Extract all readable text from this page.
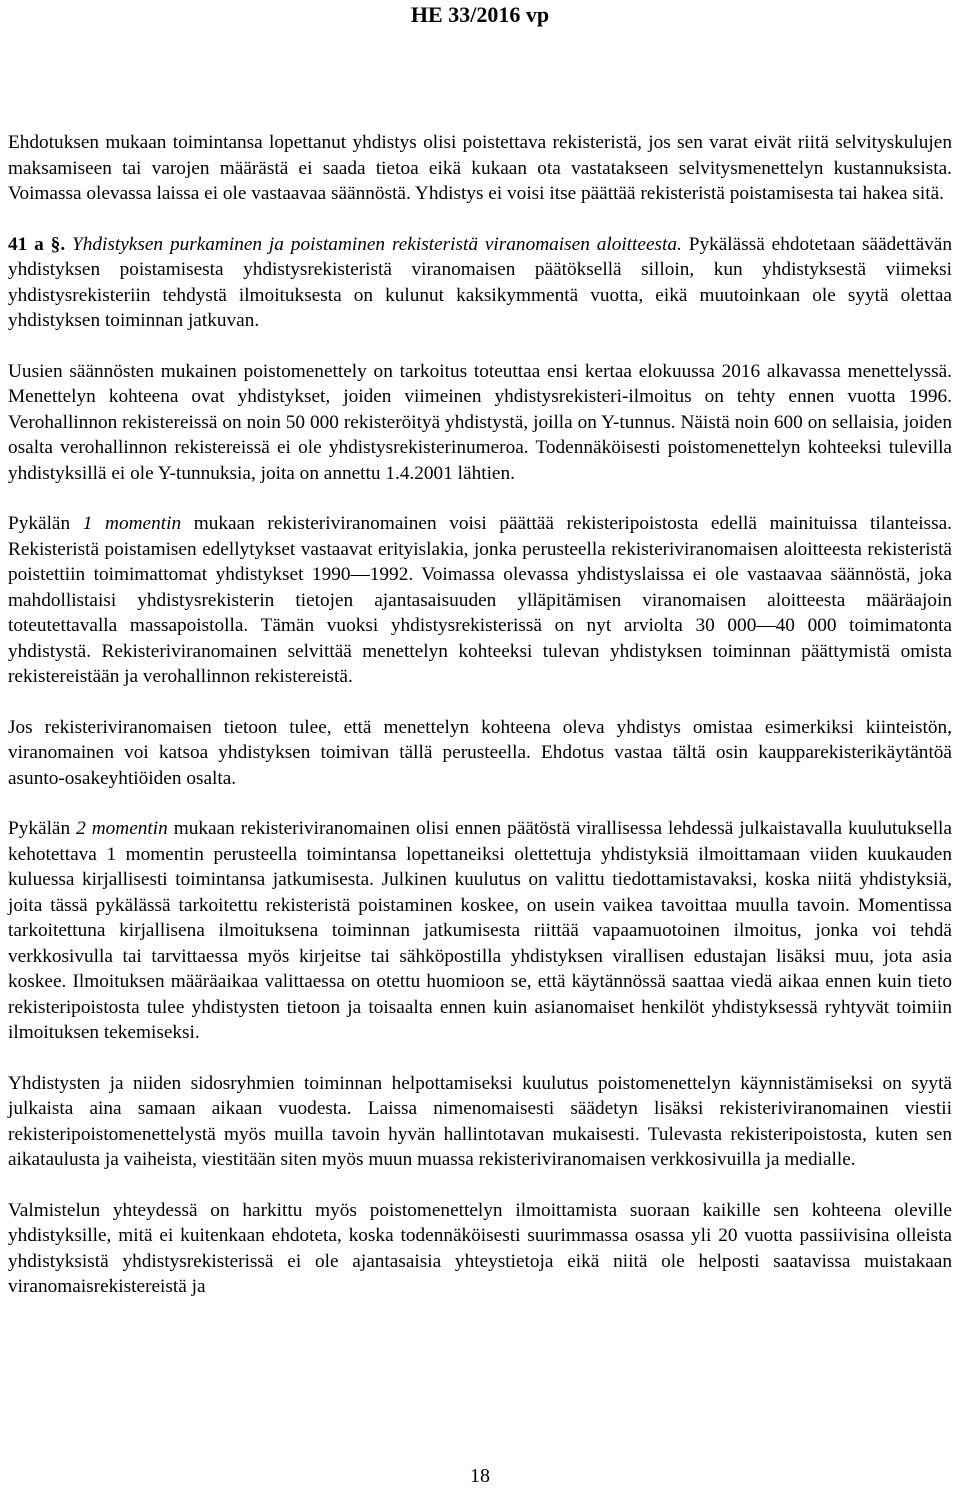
HE 33/2016 vp

Ehdotuksen mukaan toimintansa lopettanut yhdistys olisi poistettava rekisteristä, jos sen varat eivät riitä selvityskulujen maksamiseen tai varojen määrästä ei saada tietoa eikä kukaan ota vastatakseen selvitysmenettelyn kustannuksista. Voimassa olevassa laissa ei ole vastaavaa säännöstä. Yhdistys ei voisi itse päättää rekisteristä poistamisesta tai hakea sitä.

41 a §. Yhdistyksen purkaminen ja poistaminen rekisteristä viranomaisen aloitteesta. Pykälässä ehdotetaan säädettävän yhdistyksen poistamisesta yhdistysrekisteristä viranomaisen päätöksellä silloin, kun yhdistyksestä viimeksi yhdistysrekisteriin tehdystä ilmoituksesta on kulunut kaksikymmentä vuotta, eikä muutoinkaan ole syytä olettaa yhdistyksen toiminnan jatkuvan.

Uusien säännösten mukainen poistomenettely on tarkoitus toteuttaa ensi kertaa elokuussa 2016 alkavassa menettelyssä. Menettelyn kohteena ovat yhdistykset, joiden viimeinen yhdistysrekisteri-ilmoitus on tehty ennen vuotta 1996. Verohallinnon rekistereissä on noin 50 000 rekisteröityä yhdistystä, joilla on Y-tunnus. Näistä noin 600 on sellaisia, joiden osalta verohallinnon rekistereissä ei ole yhdistysrekisterinumeroa. Todennäköisesti poistomenettelyn kohteeksi tulevilla yhdistyksillä ei ole Y-tunnuksia, joita on annettu 1.4.2001 lähtien.

Pykälän 1 momentin mukaan rekisteriviranomainen voisi päättää rekisteripoistosta edellä mainituissa tilanteissa. Rekisteristä poistamisen edellytykset vastaavat erityislakia, jonka perusteella rekisteriviranomaisen aloitteesta rekisteristä poistettiin toimimattomat yhdistykset 1990—1992. Voimassa olevassa yhdistyslaissa ei ole vastaavaa säännöstä, joka mahdollistaisi yhdistysrekisterin tietojen ajantasaisuuden ylläpitämisen viranomaisen aloitteesta määräajoin toteutettavalla massapoistolla. Tämän vuoksi yhdistysrekisterissä on nyt arviolta 30 000—40 000 toimimatonta yhdistystä. Rekisteriviranomainen selvittää menettelyn kohteeksi tulevan yhdistyksen toiminnan päättymistä omista rekistereistään ja verohallinnon rekistereistä.

Jos rekisteriviranomaisen tietoon tulee, että menettelyn kohteena oleva yhdistys omistaa esimerkiksi kiinteistön, viranomainen voi katsoa yhdistyksen toimivan tällä perusteella. Ehdotus vastaa tältä osin kaupparekisterikäytäntöä asunto-osakeyhtiöiden osalta.

Pykälän 2 momentin mukaan rekisteriviranomainen olisi ennen päätöstä virallisessa lehdessä julkaistavalla kuulutuksella kehotettava 1 momentin perusteella toimintansa lopettaneiksi olettettuja yhdistyksiä ilmoittamaan viiden kuukauden kuluessa kirjallisesti toimintansa jatkumisesta. Julkinen kuulutus on valittu tiedottamistavaksi, koska niitä yhdistyksiä, joita tässä pykälässä tarkoitettu rekisteristä poistaminen koskee, on usein vaikea tavoittaa muulla tavoin. Momentissa tarkoitettuna kirjallisena ilmoituksena toiminnan jatkumisesta riittää vapaamuotoinen ilmoitus, jonka voi tehdä verkkosivulla tai tarvittaessa myös kirjeitse tai sähköpostilla yhdistyksen virallisen edustajan lisäksi muu, jota asia koskee. Ilmoituksen määräaikaa valittaessa on otettu huomioon se, että käytännössä saattaa viedä aikaa ennen kuin tieto rekisteripoistosta tulee yhdistysten tietoon ja toisaalta ennen kuin asianomaiset henkilöt yhdistyksessä ryhtyvät toimiin ilmoituksen tekemiseksi.

Yhdistysten ja niiden sidosryhmien toiminnan helpottamiseksi kuulutus poistomenettelyn käynnistämiseksi on syytä julkaista aina samaan aikaan vuodesta. Laissa nimenomaisesti säädetyn lisäksi rekisteriviranomainen viestii rekisteripoistomenettelystä myös muilla tavoin hyvän hallintotavan mukaisesti. Tulevasta rekisteripoistosta, kuten sen aikataulusta ja vaiheista, viestitään siten myös muun muassa rekisteriviranomaisen verkkosivuilla ja medialle.

Valmistelun yhteydessä on harkittu myös poistomenettelyn ilmoittamista suoraan kaikille sen kohteena oleville yhdistyksille, mitä ei kuitenkaan ehdoteta, koska todennäköisesti suurimmassa osassa yli 20 vuotta passiivisina olleista yhdistyksistä yhdistysrekisterissä ei ole ajantasaisia yhteystietoja eikä niitä ole helposti saatavissa muistakaan viranomaisrekistereistä ja

18
